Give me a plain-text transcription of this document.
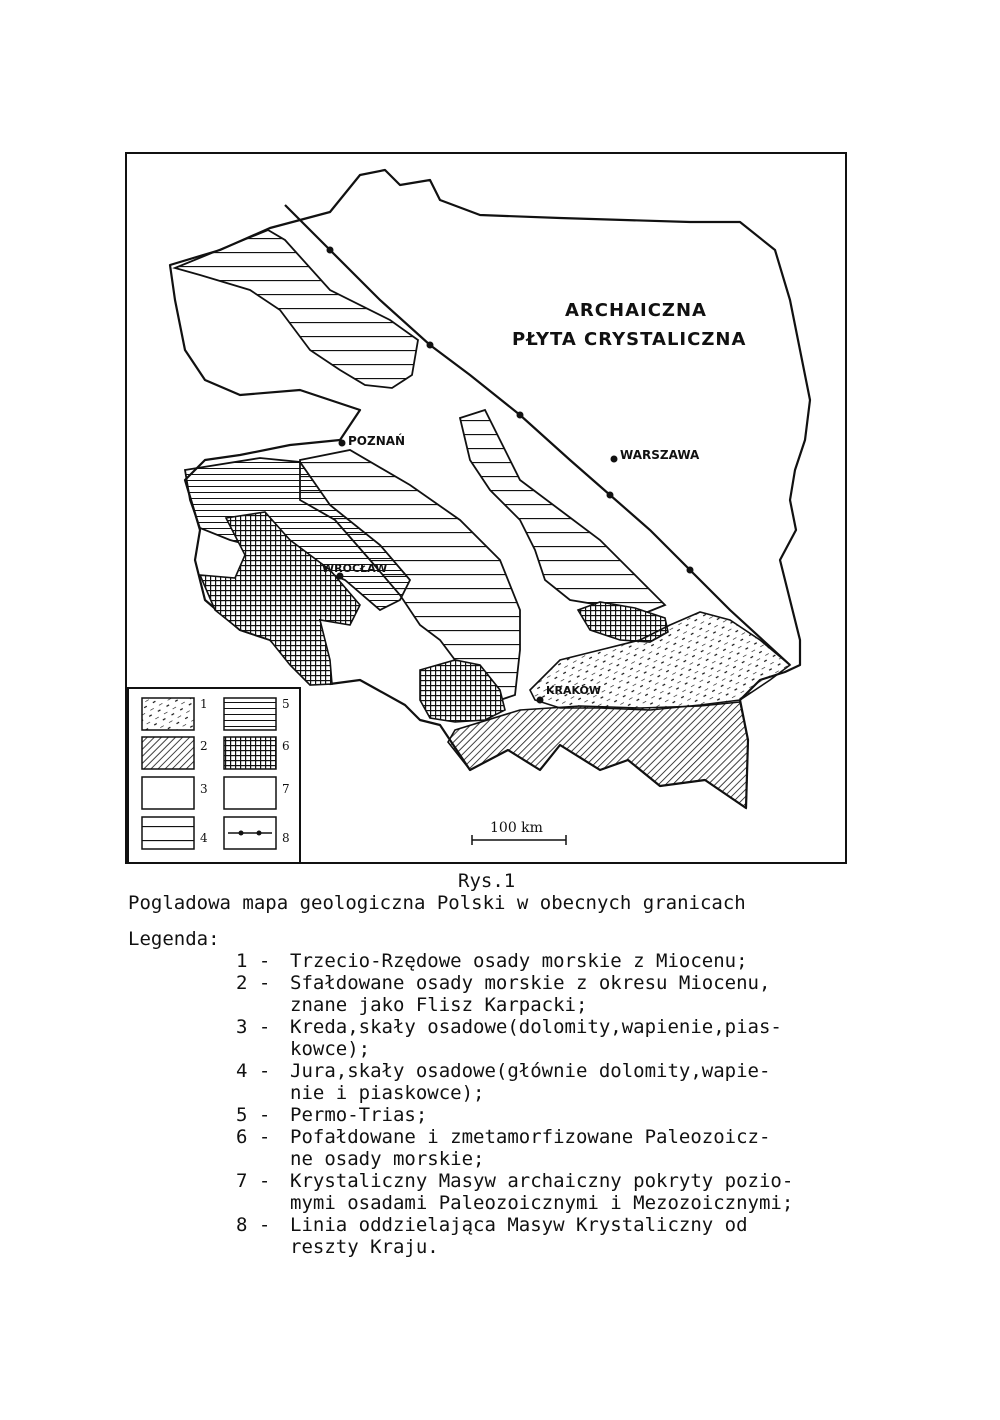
ARCHAICZNA
PŁYTA CRYSTALICZNA
POZNAŃ
WARSZAWA
WROCŁAW
KRAKÓW
100 km
1
2
3
4
5
6
7
8
Rys.1
Pogladowa mapa geologiczna Polski w obecnych granicach
Legenda:
1 -	Trzecio-Rzędowe osady morskie z Miocenu;
2 -	Sfałdowane osady morskie z okresu Miocenu,
znane jako Flisz Karpacki;
3 -	Kreda,skały osadowe(dolomity,wapienie,pias-
kowce);
4 -	Jura,skały osadowe(głównie dolomity,wapie-
nie i piaskowce);
5 -	Permo-Trias;
6 -	Pofałdowane i zmetamorfizowane Paleozoicz-
ne osady morskie;
7 -	Krystaliczny Masyw archaiczny pokryty pozio-
mymi osadami Paleozoicznymi i Mezozoicznymi;
8 -	Linia oddzielająca Masyw Krystaliczny od
reszty Kraju.
